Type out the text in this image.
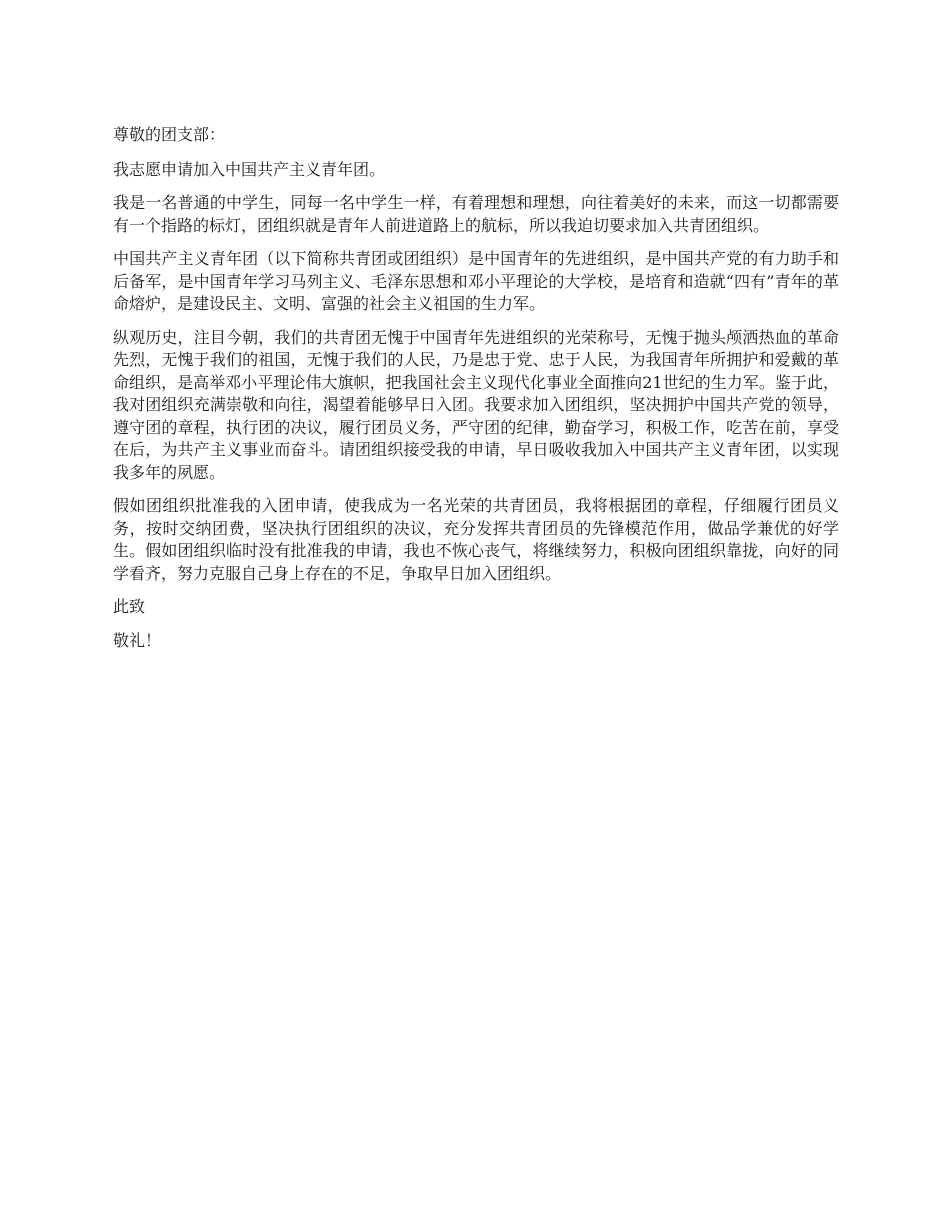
尊敬的团支部：

我志愿申请加入中国共产主义青年团。

我是一名普通的中学生，同每一名中学生一样，有着理想和理想，向往着美好的未来，而这一切都需要有一个指路的标灯，团组织就是青年人前进道路上的航标，所以我迫切要求加入共青团组织。

中国共产主义青年团（以下简称共青团或团组织）是中国青年的先进组织，是中国共产党的有力助手和后备军，是中国青年学习马列主义、毛泽东思想和邓小平理论的大学校，是培育和造就“四有”青年的革命熔炉，是建设民主、文明、富强的社会主义祖国的生力军。

纵观历史，注目今朝，我们的共青团无愧于中国青年先进组织的光荣称号，无愧于抛头颅洒热血的革命先烈，无愧于我们的祖国，无愧于我们的人民，乃是忠于党、忠于人民，为我国青年所拥护和爱戴的革命组织，是高举邓小平理论伟大旗帜，把我国社会主义现代化事业全面推向21世纪的生力军。鉴于此，我对团组织充满崇敬和向往，渴望着能够早日入团。我要求加入团组织，坚决拥护中国共产党的领导，遵守团的章程，执行团的决议，履行团员义务，严守团的纪律，勤奋学习，积极工作，吃苦在前，享受在后，为共产主义事业而奋斗。请团组织接受我的申请，早日吸收我加入中国共产主义青年团，以实现我多年的夙愿。

假如团组织批准我的入团申请，使我成为一名光荣的共青团员，我将根据团的章程，仔细履行团员义务，按时交纳团费，坚决执行团组织的决议，充分发挥共青团员的先锋模范作用，做品学兼优的好学生。假如团组织临时没有批准我的申请，我也不恢心丧气，将继续努力，积极向团组织靠拢，向好的同学看齐，努力克服自己身上存在的不足，争取早日加入团组织。

此致

敬礼！
